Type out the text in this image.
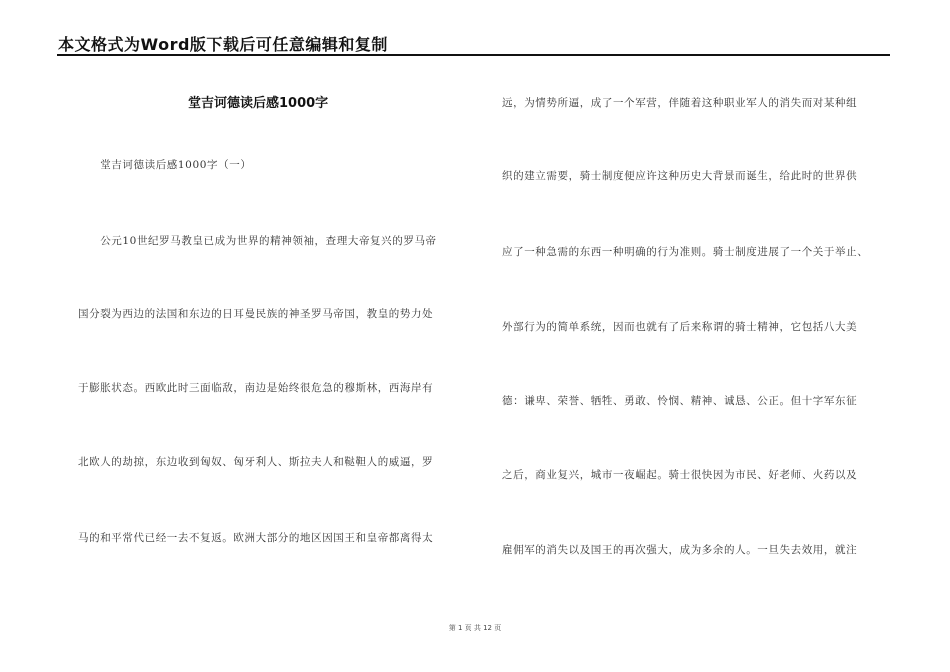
本文格式为Word版下载后可任意编辑和复制
堂吉诃德读后感1000字
　　堂吉诃德读后感1000字（一）
　　公元10世纪罗马教皇已成为世界的精神领袖，查理大帝复兴的罗马帝
国分裂为西边的法国和东边的日耳曼民族的神圣罗马帝国，教皇的势力处
于膨胀状态。西欧此时三面临敌，南边是始终很危急的穆斯林，西海岸有
北欧人的劫掠，东边收到匈奴、匈牙利人、斯拉夫人和鞑靼人的威逼，罗
马的和平常代已经一去不复返。欧洲大部分的地区因国王和皇帝都离得太
远，为情势所逼，成了一个军营，伴随着这种职业军人的消失而对某种组
织的建立需要，骑士制度便应许这种历史大背景而诞生，给此时的世界供
应了一种急需的东西一种明确的行为准则。骑士制度进展了一个关于举止、
外部行为的简单系统，因而也就有了后来称谓的骑士精神，它包括八大美
德：谦卑、荣誉、牺牲、勇敢、怜悯、精神、诚恳、公正。但十字军东征
之后，商业复兴，城市一夜崛起。骑士很快因为市民、好老师、火药以及
雇佣军的消失以及国王的再次强大，成为多余的人。一旦失去效用，就注
第 1 页 共 12 页
